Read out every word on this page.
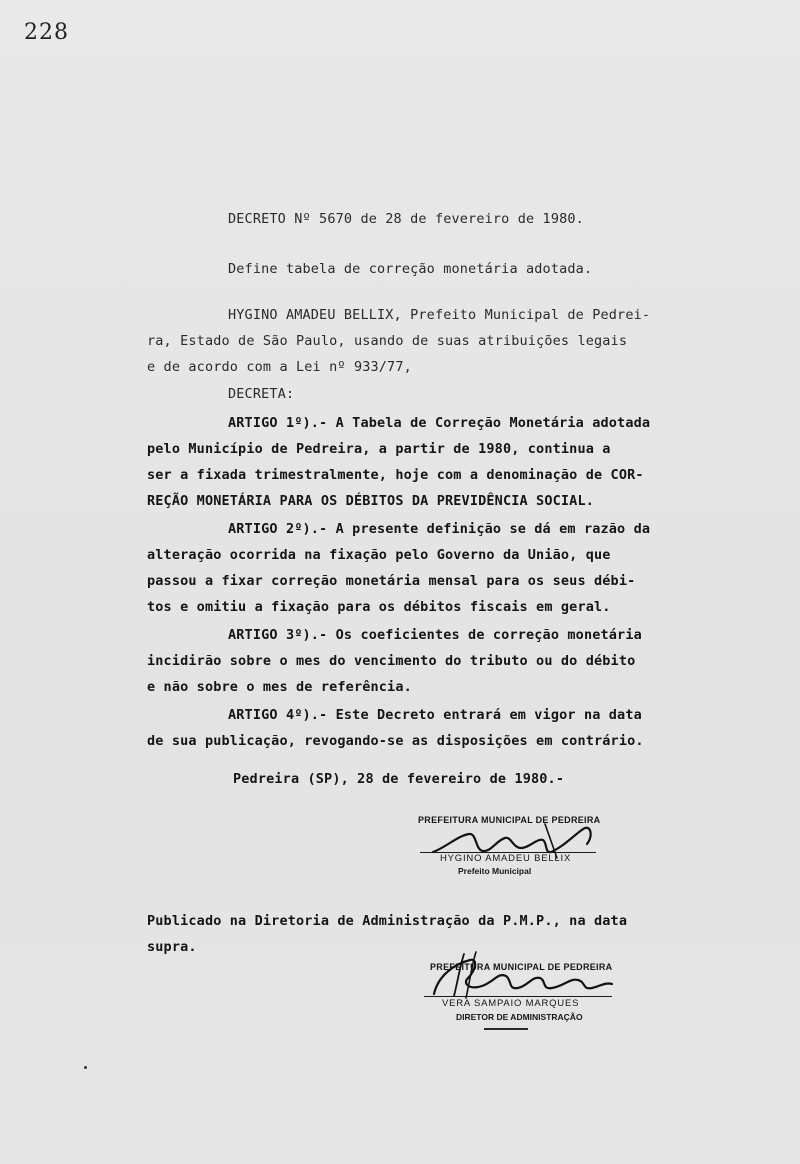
228
DECRETO Nº 5670 de 28 de fevereiro de 1980.
Define tabela de correção monetária adotada.
HYGINO AMADEU BELLIX, Prefeito Municipal de Pedrei-
ra, Estado de São Paulo, usando de suas atribuições legais
e de acordo com a Lei nº 933/77,
DECRETA:
ARTIGO 1º).- A Tabela de Correção Monetária adotada
pelo Município de Pedreira, a partir de 1980, continua a
ser a fixada trimestralmente, hoje com a denominação de COR-
REÇÃO MONETÁRIA PARA OS DÉBITOS DA PREVIDÊNCIA SOCIAL.
ARTIGO 2º).- A presente definição se dá em razão da
alteração ocorrida na fixação pelo Governo da União, que
passou a fixar correção monetária mensal para os seus débi-
tos e omitiu a fixação para os débitos fiscais em geral.
ARTIGO 3º).- Os coeficientes de correção monetária
incidirão sobre o mes do vencimento do tributo ou do débito
e não sobre o mes de referência.
ARTIGO 4º).- Este Decreto entrará em vigor na data
de sua publicação, revogando-se as disposições em contrário.
Pedreira (SP), 28 de fevereiro de 1980.-
PREFEITURA MUNICIPAL DE PEDREIRA
HYGINO AMADEU BELLIX
Prefeito Municipal
Publicado na Diretoria de Administração da P.M.P., na data
supra.
PREFEITURA MUNICIPAL DE PEDREIRA
VERA SAMPAIO MARQUES
DIRETOR DE ADMINISTRAÇÃO
